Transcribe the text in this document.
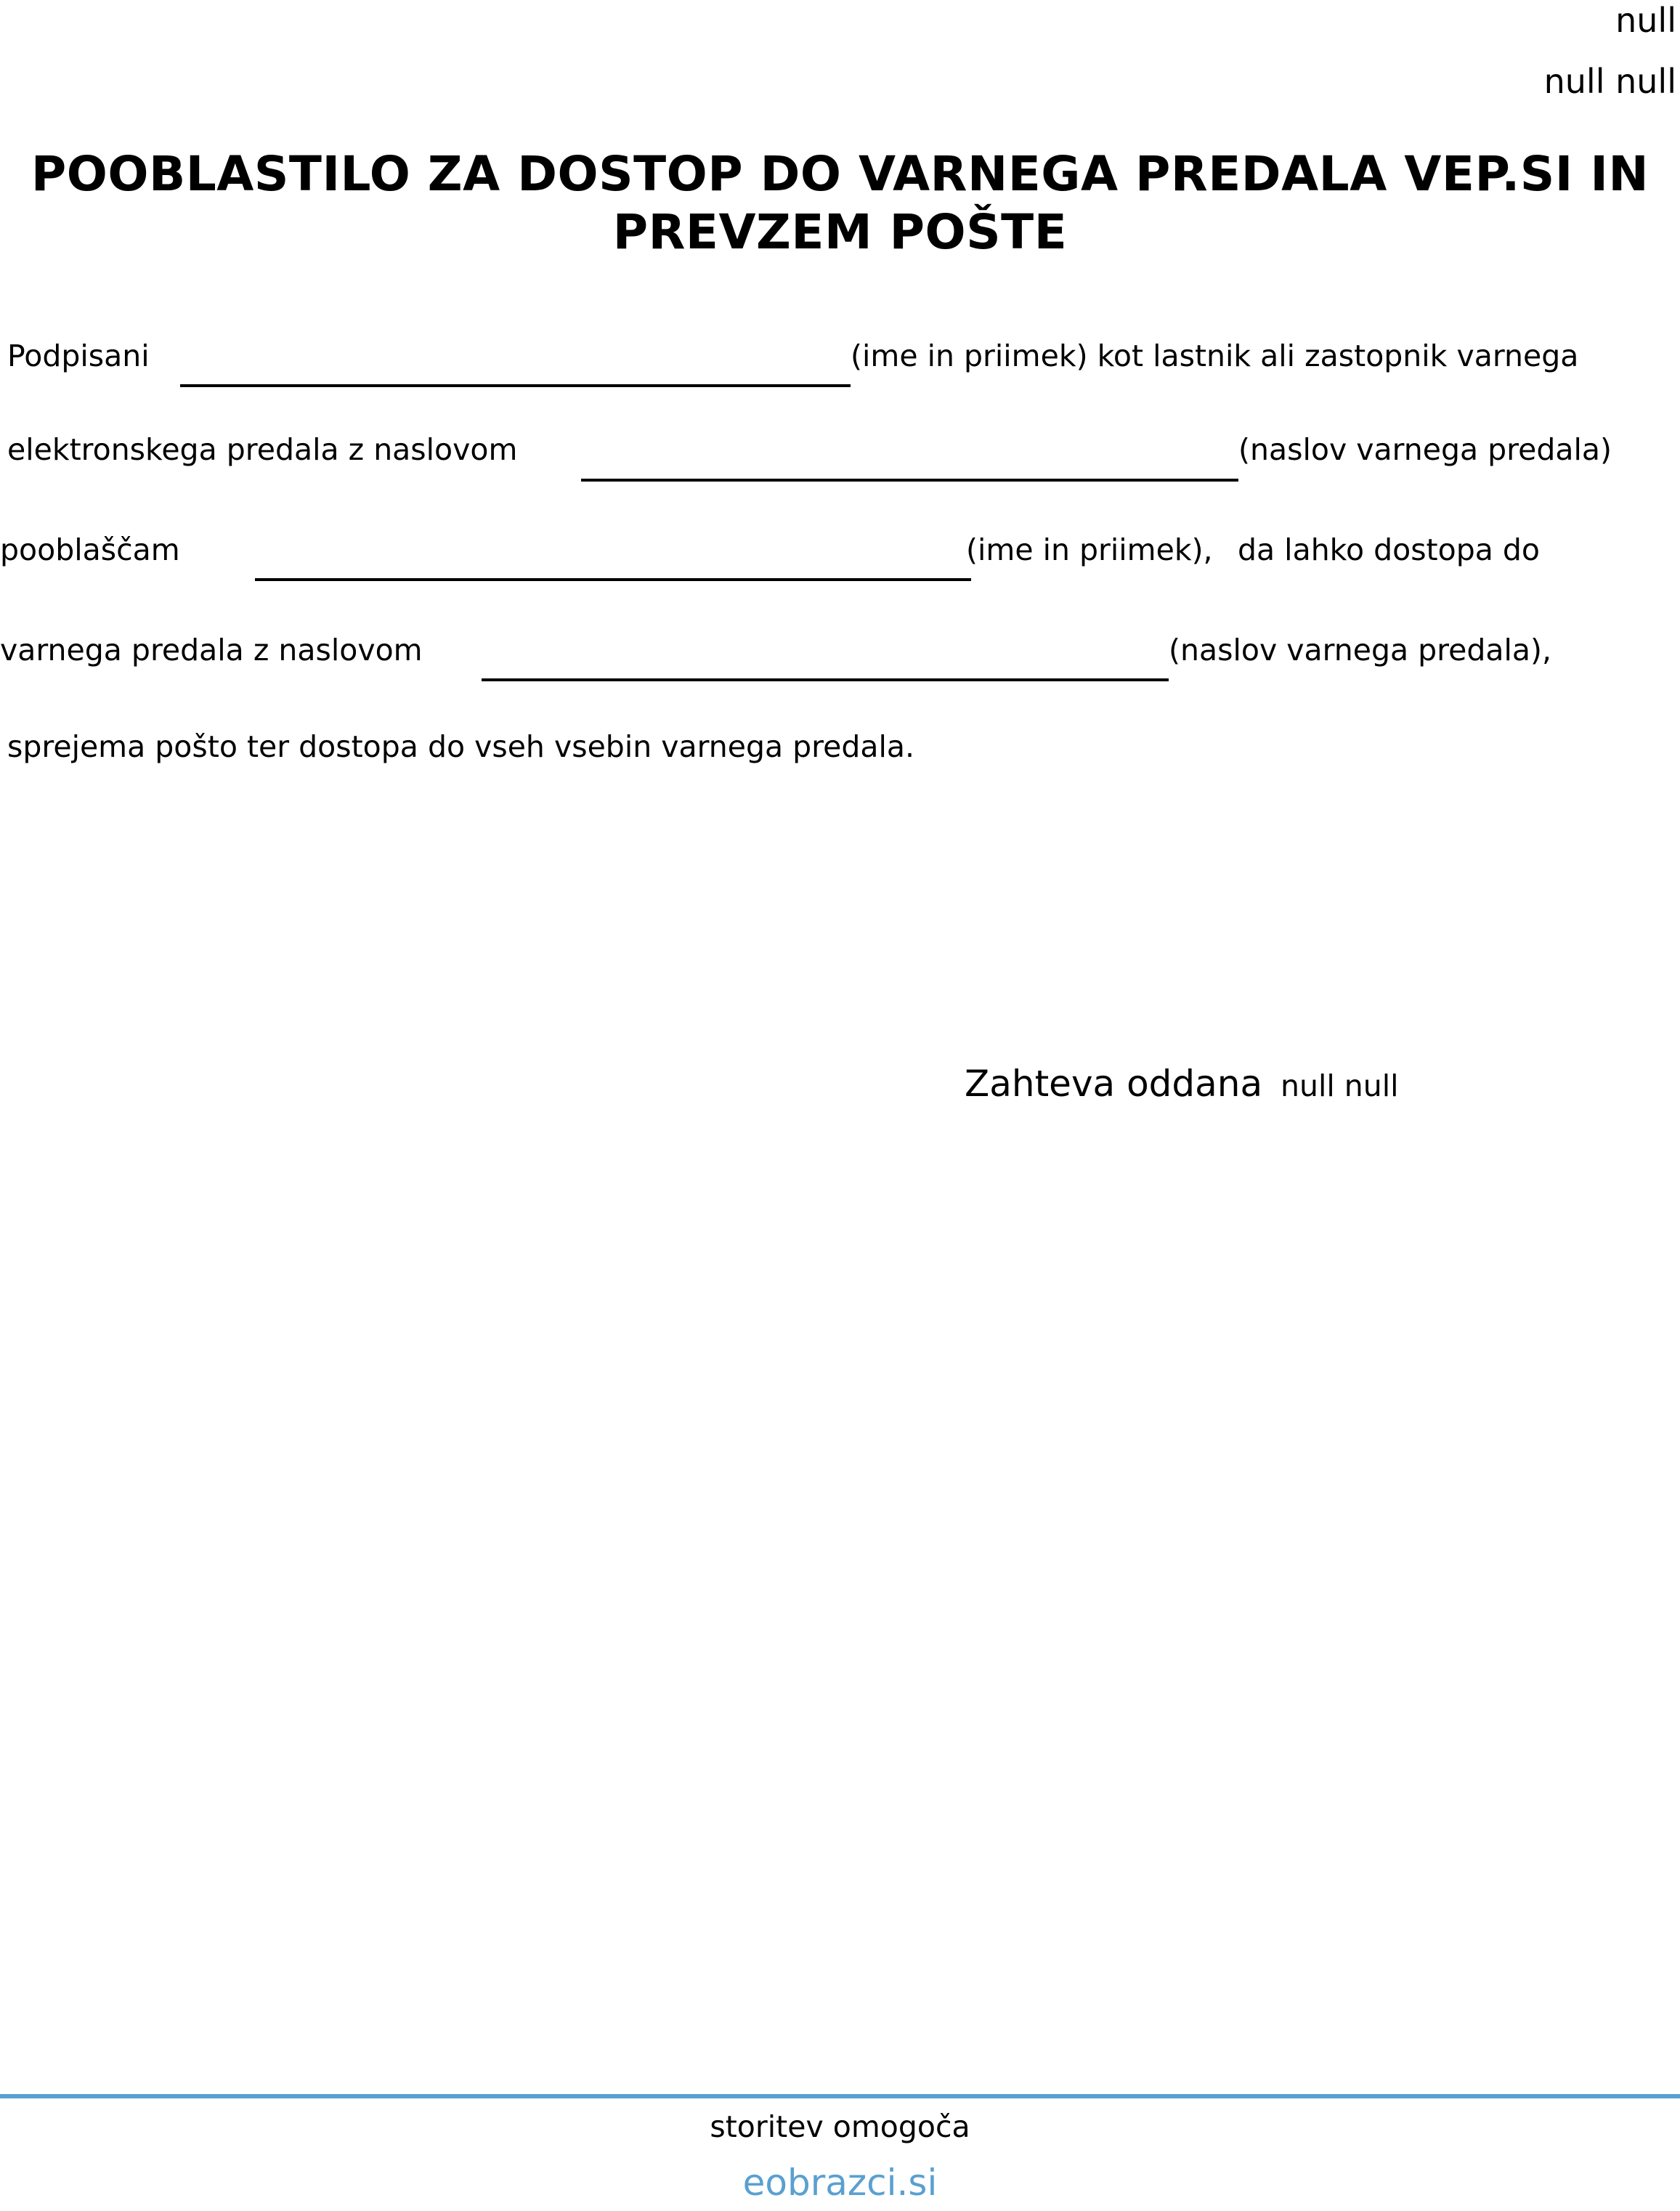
null
null null
POOBLASTILO ZA DOSTOP DO VARNEGA PREDALA VEP.SI IN
PREVZEM POŠTE
Podpisani	(ime in priimek) kot lastnik ali zastopnik varnega
elektronskega predala z naslovom	(naslov varnega predala)
pooblaščam	(ime in priimek), da lahko dostopa do
varnega predala z naslovom	(naslov varnega predala),
sprejema pošto ter dostopa do vseh vsebin varnega predala.
Zahteva oddana null null
storitev omogoča
eobrazci.si
